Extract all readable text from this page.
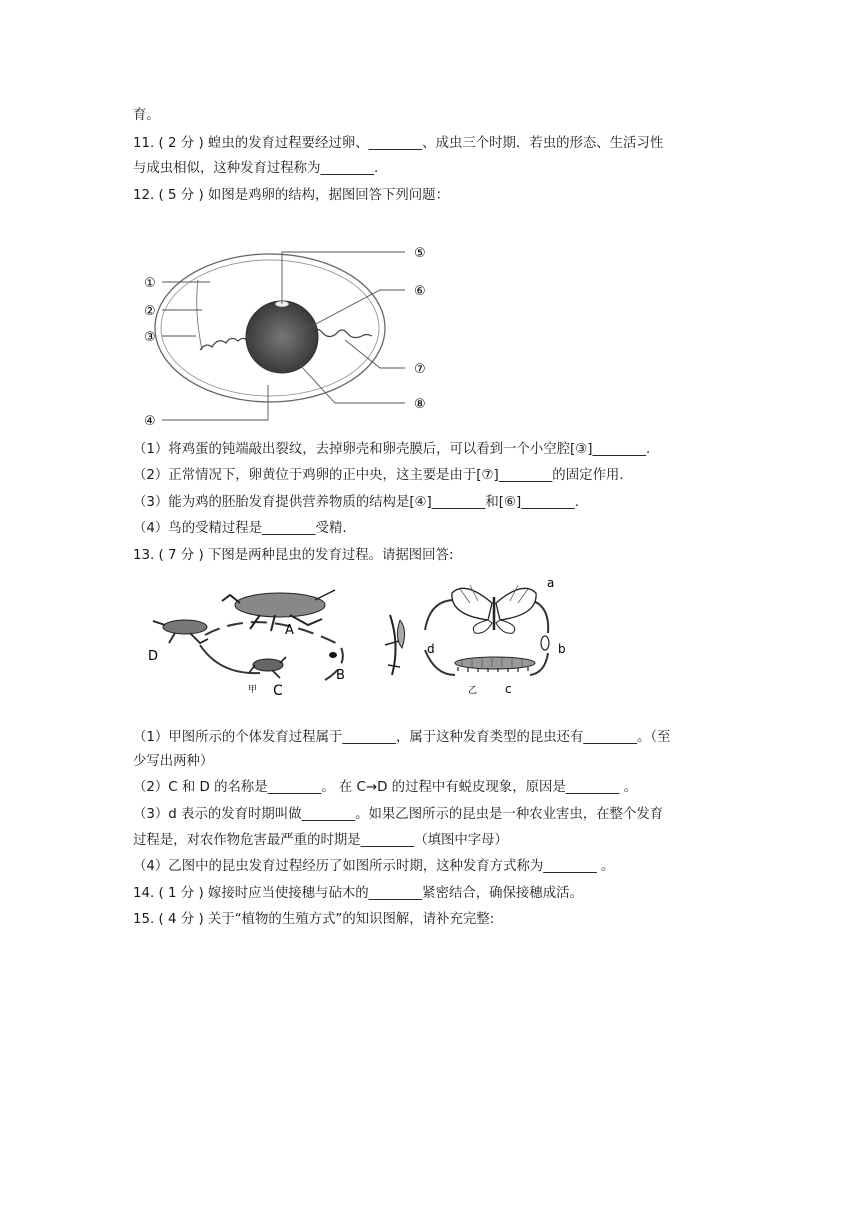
育。
11. ( 2 分 ) 蝗虫的发育过程要经过卵、________、成虫三个时期．若虫的形态、生活习性
与成虫相似，这种发育过程称为________.
12. ( 5 分 ) 如图是鸡卵的结构，据图回答下列问题：
①
②
③
④
⑤
⑥
⑦
⑧
（1）将鸡蛋的钝端敲出裂纹，去掉卵壳和卵壳膜后，可以看到一个小空腔[③]________.
（2）正常情况下，卵黄位于鸡卵的正中央，这主要是由于[⑦]________的固定作用.
（3）能为鸡的胚胎发育提供营养物质的结构是[④]________和[⑥]________.
（4）鸟的受精过程是________受精.
13. ( 7 分 ) 下图是两种昆虫的发育过程。请据图回答:
A
B
C
D
甲
a
b
c
d
乙
（1）甲图所示的个体发育过程属于________，属于这种发育类型的昆虫还有________。（至
少写出两种）
（2）C 和 D 的名称是________。 在 C→D 的过程中有蜕皮现象，原因是________ 。
（3）d 表示的发育时期叫做________。如果乙图所示的昆虫是一种农业害虫，在整个发育
过程是，对农作物危害最严重的时期是________（填图中字母）
（4）乙图中的昆虫发育过程经历了如图所示时期，这种发育方式称为________ 。
14. ( 1 分 ) 嫁接时应当使接穗与砧木的________紧密结合，确保接穗成活。
15. ( 4 分 ) 关于“植物的生殖方式”的知识图解，请补充完整:
